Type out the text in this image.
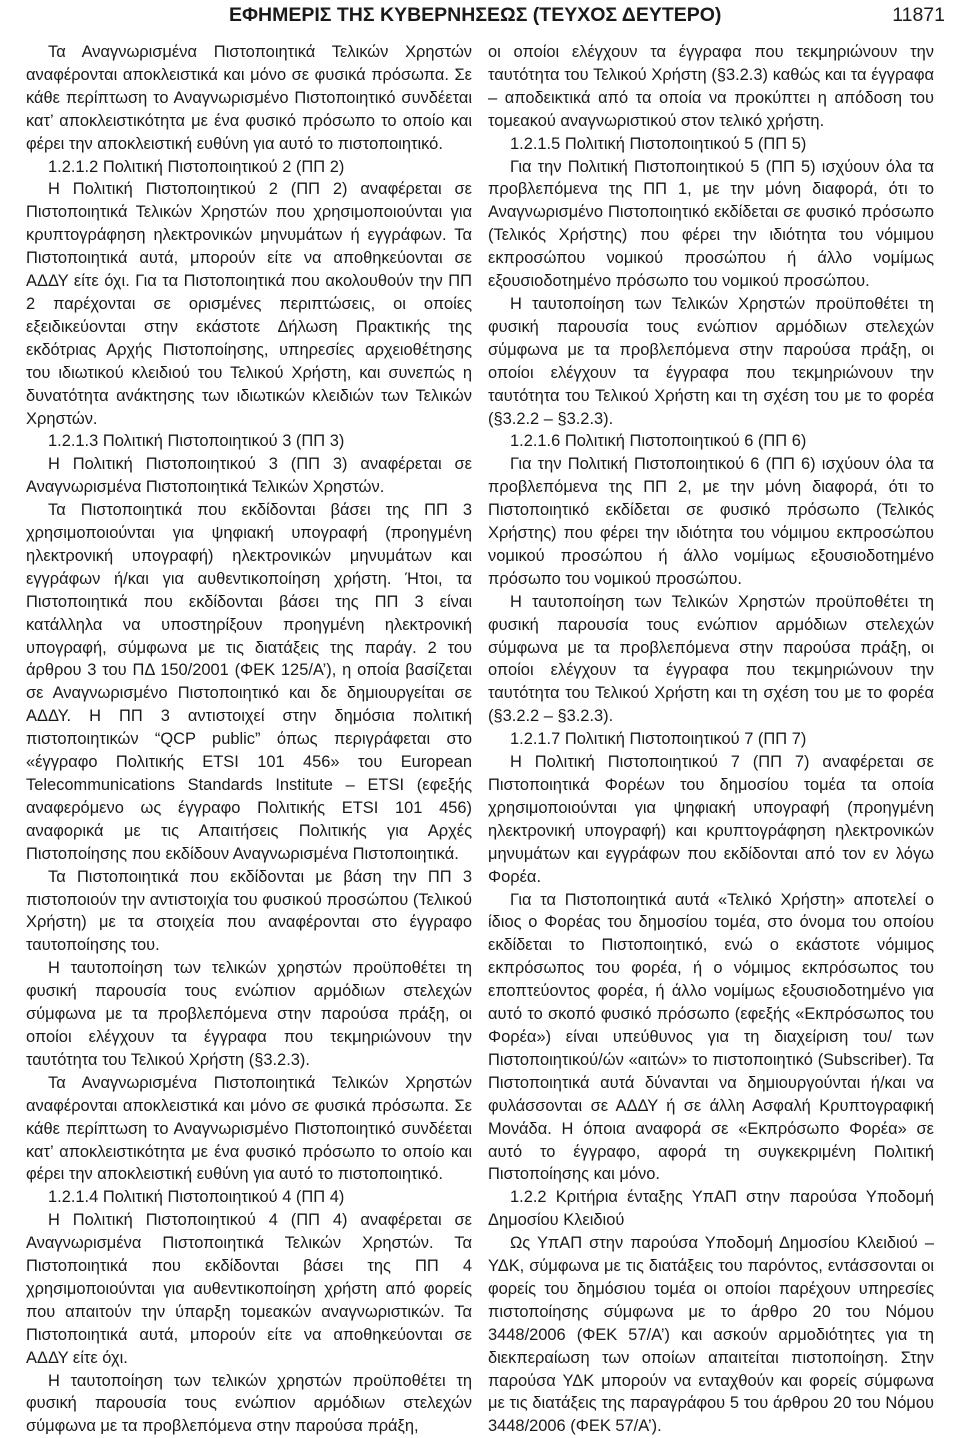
ΕΦΗΜΕΡΙΣ ΤΗΣ ΚΥΒΕΡΝΗΣΕΩΣ (ΤΕΥΧΟΣ ΔΕΥΤΕΡΟ)	11871

Τα Αναγνωρισμένα Πιστοποιητικά Τελικών Χρηστών αναφέρονται αποκλειστικά και μόνο σε φυσικά πρόσωπα. Σε κάθε περίπτωση το Αναγνωρισμένο Πιστοποιητικό συνδέεται κατ’ αποκλειστικότητα με ένα φυσικό πρόσωπο το οποίο και φέρει την αποκλειστική ευθύνη για αυτό το πιστοποιητικό.

1.2.1.2 Πολιτική Πιστοποιητικού 2 (ΠΠ 2)

Η Πολιτική Πιστοποιητικού 2 (ΠΠ 2) αναφέρεται σε Πιστοποιητικά Τελικών Χρηστών που χρησιμοποιούνται για κρυπτογράφηση ηλεκτρονικών μηνυμάτων ή εγγράφων. Τα Πιστοποιητικά αυτά, μπορούν είτε να αποθηκεύονται σε ΑΔΔΥ είτε όχι. Για τα Πιστοποιητικά που ακολουθούν την ΠΠ 2 παρέχονται σε ορισμένες περιπτώσεις, οι οποίες εξειδικεύονται στην εκάστοτε Δήλωση Πρακτικής της εκδότριας Αρχής Πιστοποίησης, υπηρεσίες αρχειοθέτησης του ιδιωτικού κλειδιού του Τελικού Χρήστη, και συνεπώς η δυνατότητα ανάκτησης των ιδιωτικών κλειδιών των Τελικών Χρηστών.

1.2.1.3 Πολιτική Πιστοποιητικού 3 (ΠΠ 3)

Η Πολιτική Πιστοποιητικού 3 (ΠΠ 3) αναφέρεται σε Αναγνωρισμένα Πιστοποιητικά Τελικών Χρηστών.

Τα Πιστοποιητικά που εκδίδονται βάσει της ΠΠ 3 χρησιμοποιούνται για ψηφιακή υπογραφή (προηγμένη ηλεκτρονική υπογραφή) ηλεκτρονικών μηνυμάτων και εγγράφων ή/και για αυθεντικοποίηση χρήστη. Ήτοι, τα Πιστοποιητικά που εκδίδονται βάσει της ΠΠ 3 είναι κατάλληλα να υποστηρίξουν προηγμένη ηλεκτρονική υπογραφή, σύμφωνα με τις διατάξεις της παράγ. 2 του άρθρου 3 του ΠΔ 150/2001 (ΦΕΚ 125/Α’), η οποία βασίζεται σε Αναγνωρισμένο Πιστοποιητικό και δε δημιουργείται σε ΑΔΔΥ. Η ΠΠ 3 αντιστοιχεί στην δημόσια πολιτική πιστοποιητικών “QCP public” όπως περιγράφεται στο «έγγραφο Πολιτικής ETSI 101 456» του European Telecommunications Standards Institute – ETSI (εφεξής αναφερόμενο ως έγγραφο Πολιτικής ETSI 101 456) αναφορικά με τις Απαιτήσεις Πολιτικής για Αρχές Πιστοποίησης που εκδίδουν Αναγνωρισμένα Πιστοποιητικά.

Τα Πιστοποιητικά που εκδίδονται με βάση την ΠΠ 3 πιστοποιούν την αντιστοιχία του φυσικού προσώπου (Τελικού Χρήστη) με τα στοιχεία που αναφέρονται στο έγγραφο ταυτοποίησης του.

Η ταυτοποίηση των τελικών χρηστών προϋποθέτει τη φυσική παρουσία τους ενώπιον αρμόδιων στελεχών σύμφωνα με τα προβλεπόμενα στην παρούσα πράξη, οι οποίοι ελέγχουν τα έγγραφα που τεκμηριώνουν την ταυτότητα του Τελικού Χρήστη (§3.2.3).

Τα Αναγνωρισμένα Πιστοποιητικά Τελικών Χρηστών αναφέρονται αποκλειστικά και μόνο σε φυσικά πρόσωπα. Σε κάθε περίπτωση το Αναγνωρισμένο Πιστοποιητικό συνδέεται κατ’ αποκλειστικότητα με ένα φυσικό πρόσωπο το οποίο και φέρει την αποκλειστική ευθύνη για αυτό το πιστοποιητικό.

1.2.1.4 Πολιτική Πιστοποιητικού 4 (ΠΠ 4)

Η Πολιτική Πιστοποιητικού 4 (ΠΠ 4) αναφέρεται σε Αναγνωρισμένα Πιστοποιητικά Τελικών Χρηστών. Τα Πιστοποιητικά που εκδίδονται βάσει της ΠΠ 4 χρησιμοποιούνται για αυθεντικοποίηση χρήστη από φορείς που απαιτούν την ύπαρξη τομεακών αναγνωριστικών. Τα Πιστοποιητικά αυτά, μπορούν είτε να αποθηκεύονται σε ΑΔΔΥ είτε όχι.

Η ταυτοποίηση των τελικών χρηστών προϋποθέτει τη φυσική παρουσία τους ενώπιον αρμόδιων στελεχών σύμφωνα με τα προβλεπόμενα στην παρούσα πράξη,

οι οποίοι ελέγχουν τα έγγραφα που τεκμηριώνουν την ταυτότητα του Τελικού Χρήστη (§3.2.3) καθώς και τα έγγραφα – αποδεικτικά από τα οποία να προκύπτει η απόδοση του τομεακού αναγνωριστικού στον τελικό χρήστη.

1.2.1.5 Πολιτική Πιστοποιητικού 5 (ΠΠ 5)

Για την Πολιτική Πιστοποιητικού 5 (ΠΠ 5) ισχύουν όλα τα προβλεπόμενα της ΠΠ 1, με την μόνη διαφορά, ότι το Αναγνωρισμένο Πιστοποιητικό εκδίδεται σε φυσικό πρόσωπο (Τελικός Χρήστης) που φέρει την ιδιότητα του νόμιμου εκπροσώπου νομικού προσώπου ή άλλο νομίμως εξουσιοδοτημένο πρόσωπο του νομικού προσώπου.

Η ταυτοποίηση των Τελικών Χρηστών προϋποθέτει τη φυσική παρουσία τους ενώπιον αρμόδιων στελεχών σύμφωνα με τα προβλεπόμενα στην παρούσα πράξη, οι οποίοι ελέγχουν τα έγγραφα που τεκμηριώνουν την ταυτότητα του Τελικού Χρήστη και τη σχέση του με το φορέα (§3.2.2 – §3.2.3).

1.2.1.6 Πολιτική Πιστοποιητικού 6 (ΠΠ 6)

Για την Πολιτική Πιστοποιητικού 6 (ΠΠ 6) ισχύουν όλα τα προβλεπόμενα της ΠΠ 2, με την μόνη διαφορά, ότι το Πιστοποιητικό εκδίδεται σε φυσικό πρόσωπο (Τελικός Χρήστης) που φέρει την ιδιότητα του νόμιμου εκπροσώπου νομικού προσώπου ή άλλο νομίμως εξουσιοδοτημένο πρόσωπο του νομικού προσώπου.

Η ταυτοποίηση των Τελικών Χρηστών προϋποθέτει τη φυσική παρουσία τους ενώπιον αρμόδιων στελεχών σύμφωνα με τα προβλεπόμενα στην παρούσα πράξη, οι οποίοι ελέγχουν τα έγγραφα που τεκμηριώνουν την ταυτότητα του Τελικού Χρήστη και τη σχέση του με το φορέα (§3.2.2 – §3.2.3).

1.2.1.7 Πολιτική Πιστοποιητικού 7 (ΠΠ 7)

Η Πολιτική Πιστοποιητικού 7 (ΠΠ 7) αναφέρεται σε Πιστοποιητικά Φορέων του δημοσίου τομέα τα οποία χρησιμοποιούνται για ψηφιακή υπογραφή (προηγμένη ηλεκτρονική υπογραφή) και κρυπτογράφηση ηλεκτρονικών μηνυμάτων και εγγράφων που εκδίδονται από τον εν λόγω Φορέα.

Για τα Πιστοποιητικά αυτά «Τελικό Χρήστη» αποτελεί ο ίδιος ο Φορέας του δημοσίου τομέα, στο όνομα του οποίου εκδίδεται το Πιστοποιητικό, ενώ ο εκάστοτε νόμιμος εκπρόσωπος του φορέα, ή ο νόμιμος εκπρόσωπος του εποπτεύοντος φορέα, ή άλλο νομίμως εξουσιοδοτημένο για αυτό το σκοπό φυσικό πρόσωπο (εφεξής «Εκπρόσωπος του Φορέα») είναι υπεύθυνος για τη διαχείριση του/ των Πιστοποιητικού/ών «αιτών» το πιστοποιητικό (Subscriber). Τα Πιστοποιητικά αυτά δύνανται να δημιουργούνται ή/και να φυλάσσονται σε ΑΔΔΥ ή σε άλλη Ασφαλή Κρυπτογραφική Μονάδα. Η όποια αναφορά σε «Εκπρόσωπο Φορέα» σε αυτό το έγγραφο, αφορά τη συγκεκριμένη Πολιτική Πιστοποίησης και μόνο.

1.2.2 Κριτήρια ένταξης ΥπΑΠ στην παρούσα Υποδομή Δημοσίου Κλειδιού

Ως ΥπΑΠ στην παρούσα Υποδομή Δημοσίου Κλειδιού – ΥΔΚ, σύμφωνα με τις διατάξεις του παρόντος, εντάσσονται οι φορείς του δημόσιου τομέα οι οποίοι παρέχουν υπηρεσίες πιστοποίησης σύμφωνα με το άρθρο 20 του Νόμου 3448/2006 (ΦΕΚ 57/Α’) και ασκούν αρμοδιότητες για τη διεκπεραίωση των οποίων απαιτείται πιστοποίηση. Στην παρούσα ΥΔΚ μπορούν να ενταχθούν και φορείς σύμφωνα με τις διατάξεις της παραγράφου 5 του άρθρου 20 του Νόμου 3448/2006 (ΦΕΚ 57/Α’).
